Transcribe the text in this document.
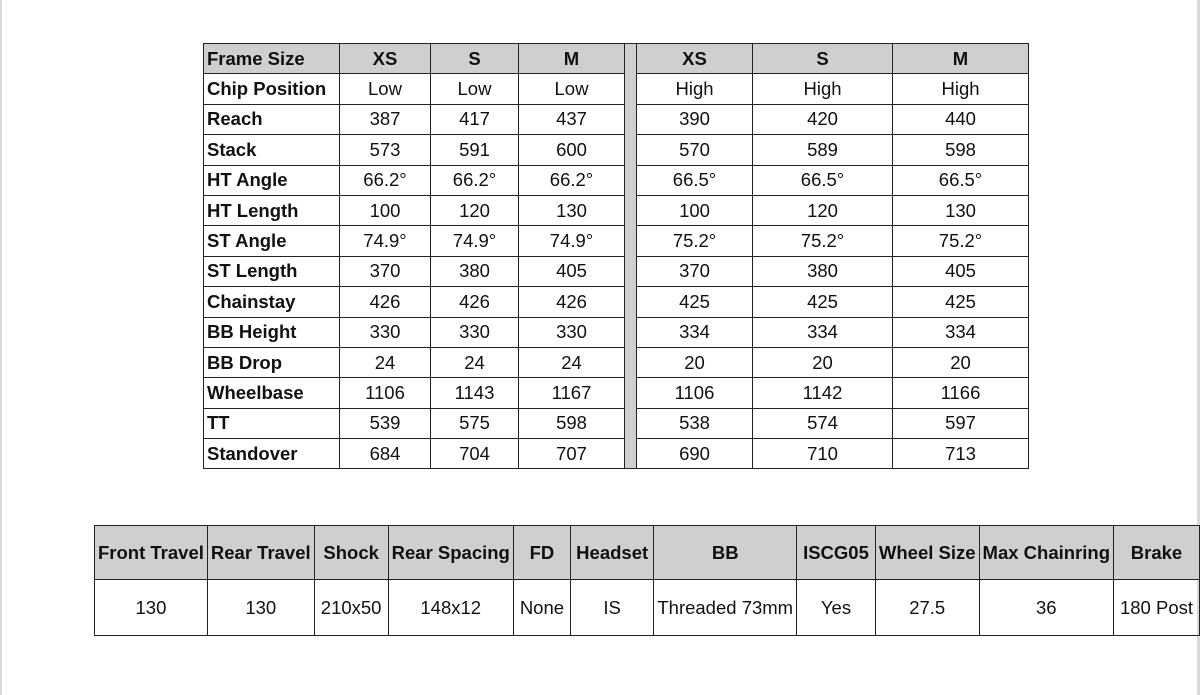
Frame Size	XS	S	M		XS	S	M
Chip Position	Low	Low	Low		High	High	High
Reach	387	417	437		390	420	440
Stack	573	591	600		570	589	598
HT Angle	66.2°	66.2°	66.2°		66.5°	66.5°	66.5°
HT Length	100	120	130		100	120	130
ST Angle	74.9°	74.9°	74.9°		75.2°	75.2°	75.2°
ST Length	370	380	405		370	380	405
Chainstay	426	426	426		425	425	425
BB Height	330	330	330		334	334	334
BB Drop	24	24	24		20	20	20
Wheelbase	1106	1143	1167		1106	1142	1166
TT	539	575	598		538	574	597
Standover	684	704	707		690	710	713
Front Travel	Rear Travel	Shock	Rear Spacing	FD	Headset	BB	ISCG05	Wheel Size	Max Chainring	Brake
130	130	210x50	148x12	None	IS	Threaded 73mm	Yes	27.5	36	180 Post
